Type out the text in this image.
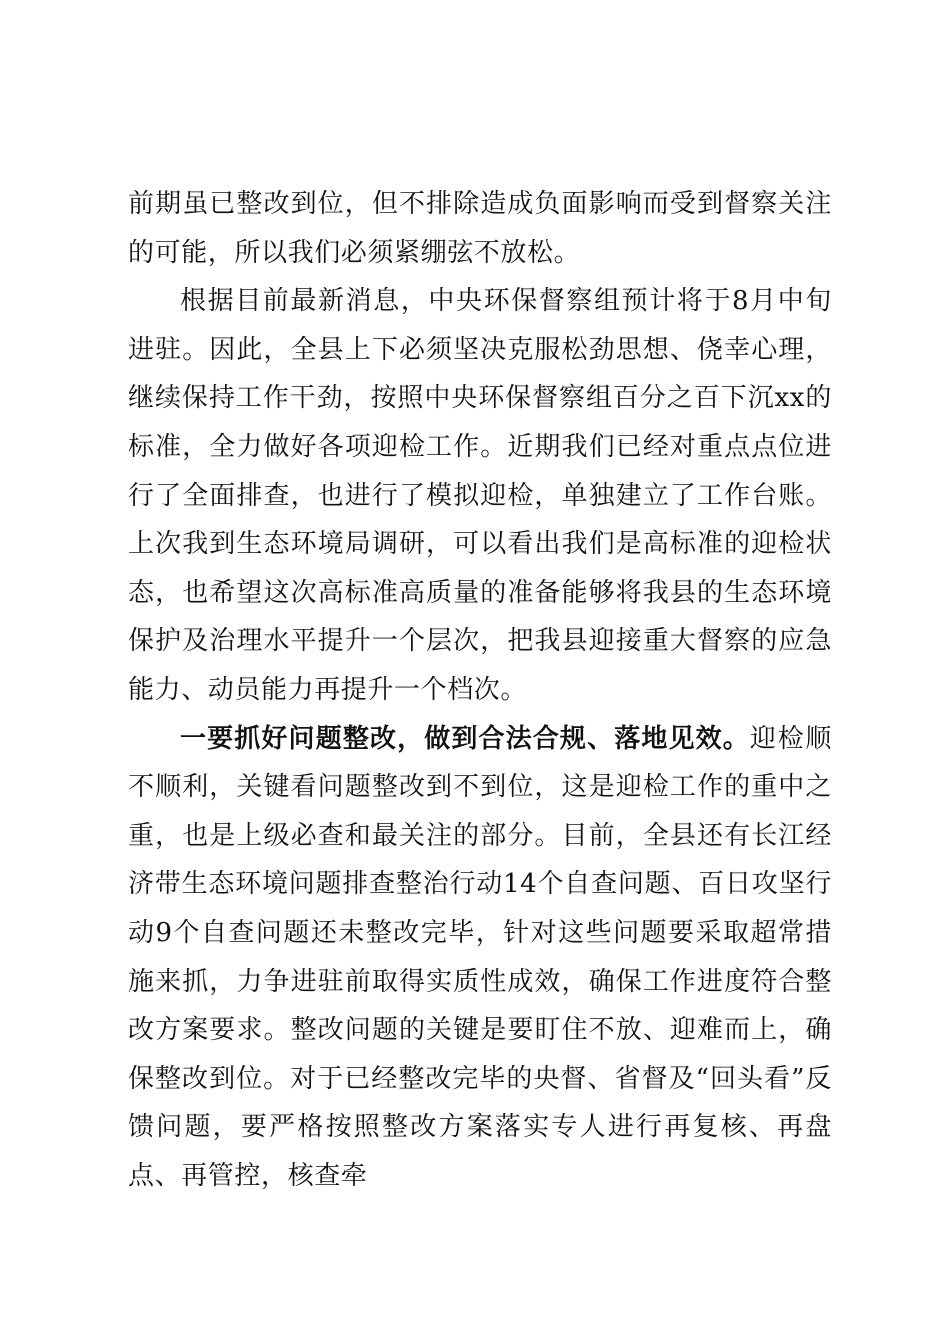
前期虽已整改到位，但不排除造成负面影响而受到督察关注的可能，所以我们必须紧绷弦不放松。

根据目前最新消息，中央环保督察组预计将于8月中旬进驻。因此，全县上下必须坚决克服松劲思想、侥幸心理，继续保持工作干劲，按照中央环保督察组百分之百下沉xx的标准，全力做好各项迎检工作。近期我们已经对重点点位进行了全面排查，也进行了模拟迎检，单独建立了工作台账。上次我到生态环境局调研，可以看出我们是高标准的迎检状态，也希望这次高标准高质量的准备能够将我县的生态环境保护及治理水平提升一个层次，把我县迎接重大督察的应急能力、动员能力再提升一个档次。

一要抓好问题整改，做到合法合规、落地见效。迎检顺不顺利，关键看问题整改到不到位，这是迎检工作的重中之重，也是上级必查和最关注的部分。目前，全县还有长江经济带生态环境问题排查整治行动14个自查问题、百日攻坚行动9个自查问题还未整改完毕，针对这些问题要采取超常措施来抓，力争进驻前取得实质性成效，确保工作进度符合整改方案要求。整改问题的关键是要盯住不放、迎难而上，确保整改到位。对于已经整改完毕的央督、省督及“回头看”反馈问题，要严格按照整改方案落实专人进行再复核、再盘点、再管控，核查牵
